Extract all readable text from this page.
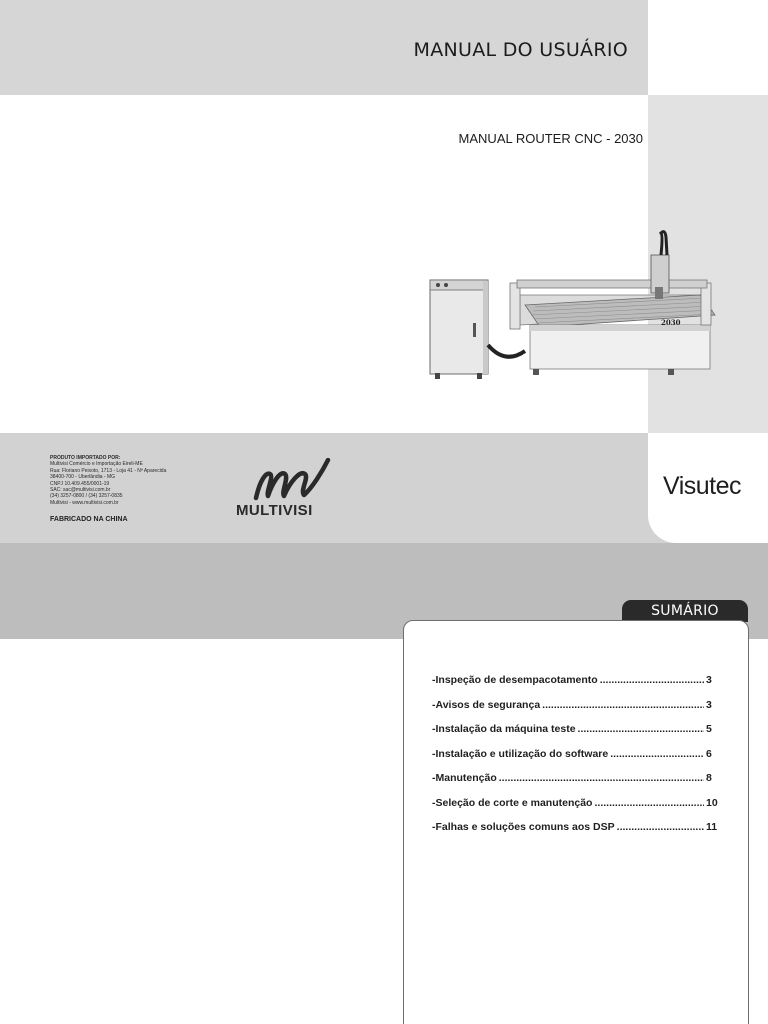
MANUAL DO USUÁRIO
MANUAL ROUTER CNC - 2030
2030
Visutec
PRODUTO IMPORTADO POR:
Multivisi Comércio e Importação Eireli-ME
Rua: Floriano Peixoto, 1713 - Loja 41 - Nª Aparecida
38400-700 - Uberlândia - MG
CNPJ 10.409.455/0001-19
SAC: sac@multivisi.com.br
(34) 3257-0800 / (34) 3257-0835
Multivisi - www.multivisi.com.br
FABRICADO NA CHINA
MULTIVISI
SUMÁRIO
-Inspeção de desempacotamento .....	3
-Avisos de segurança .....	3
-Instalação da máquina teste .....	5
-Instalação e utilização do software .....	6
-Manutenção .....	8
-Seleção de corte e manutenção .....	10
-Falhas e soluções comuns aos DSP .....	11
